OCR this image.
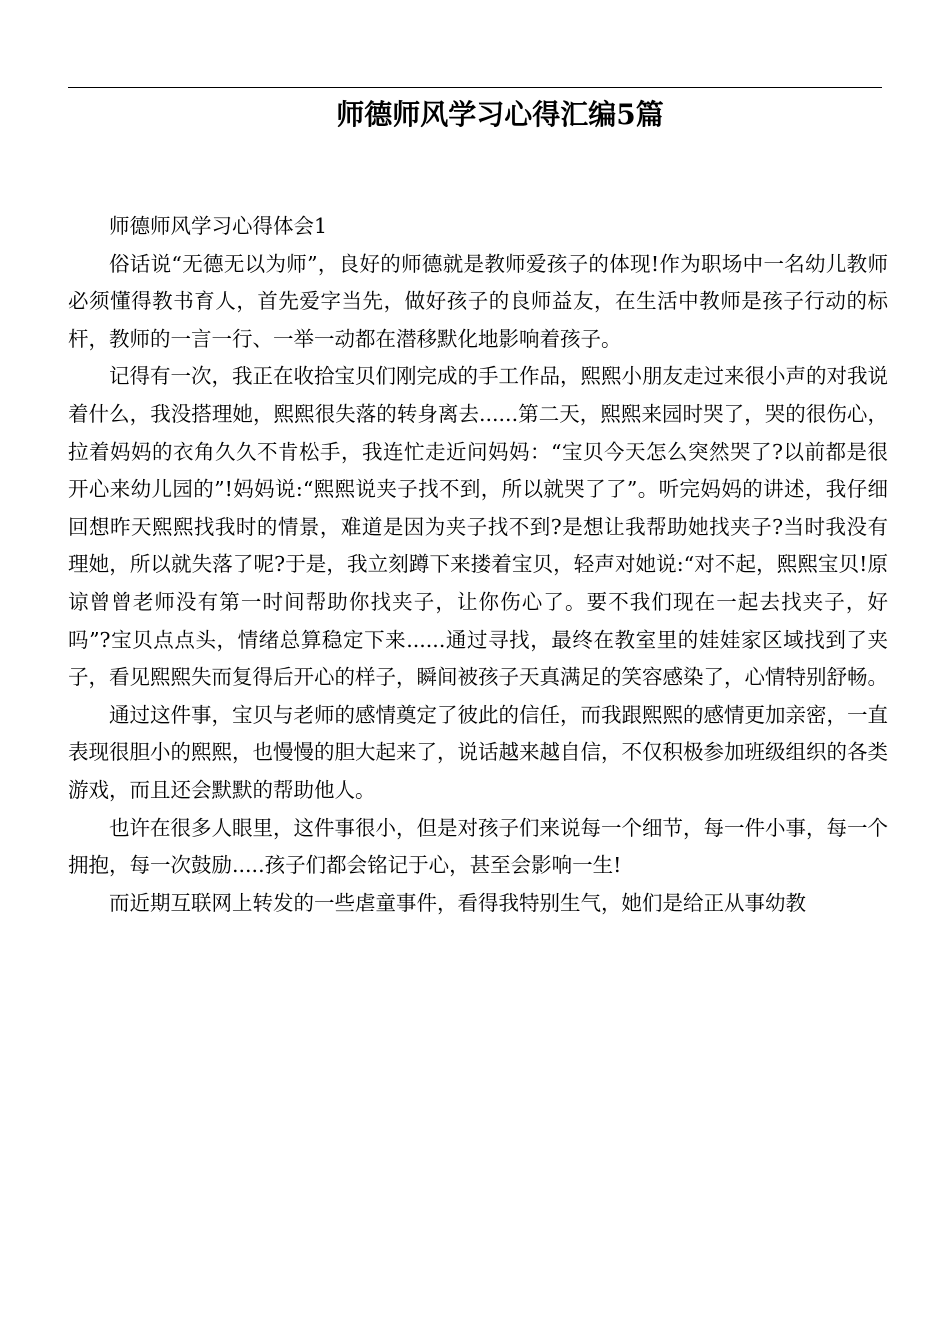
师德师风学习心得汇编5篇

师德师风学习心得体会1

俗话说“无德无以为师”，良好的师德就是教师爱孩子的体现!作为职场中一名幼儿教师必须懂得教书育人，首先爱字当先，做好孩子的良师益友，在生活中教师是孩子行动的标杆，教师的一言一行、一举一动都在潜移默化地影响着孩子。

记得有一次，我正在收拾宝贝们刚完成的手工作品，熙熙小朋友走过来很小声的对我说着什么，我没搭理她，熙熙很失落的转身离去......第二天，熙熙来园时哭了，哭的很伤心，拉着妈妈的衣角久久不肯松手，我连忙走近问妈妈：“宝贝今天怎么突然哭了?以前都是很开心来幼儿园的”!妈妈说:“熙熙说夹子找不到，所以就哭了了”。听完妈妈的讲述，我仔细回想昨天熙熙找我时的情景，难道是因为夹子找不到?是想让我帮助她找夹子?当时我没有理她，所以就失落了呢?于是，我立刻蹲下来搂着宝贝，轻声对她说:“对不起，熙熙宝贝!原谅曾曾老师没有第一时间帮助你找夹子，让你伤心了。要不我们现在一起去找夹子，好吗”?宝贝点点头，情绪总算稳定下来......通过寻找，最终在教室里的娃娃家区域找到了夹子，看见熙熙失而复得后开心的样子，瞬间被孩子天真满足的笑容感染了，心情特别舒畅。

通过这件事，宝贝与老师的感情奠定了彼此的信任，而我跟熙熙的感情更加亲密，一直表现很胆小的熙熙，也慢慢的胆大起来了，说话越来越自信，不仅积极参加班级组织的各类游戏，而且还会默默的帮助他人。

也许在很多人眼里，这件事很小，但是对孩子们来说每一个细节，每一件小事，每一个拥抱，每一次鼓励.....孩子们都会铭记于心，甚至会影响一生!

而近期互联网上转发的一些虐童事件，看得我特别生气，她们是给正从事幼教
